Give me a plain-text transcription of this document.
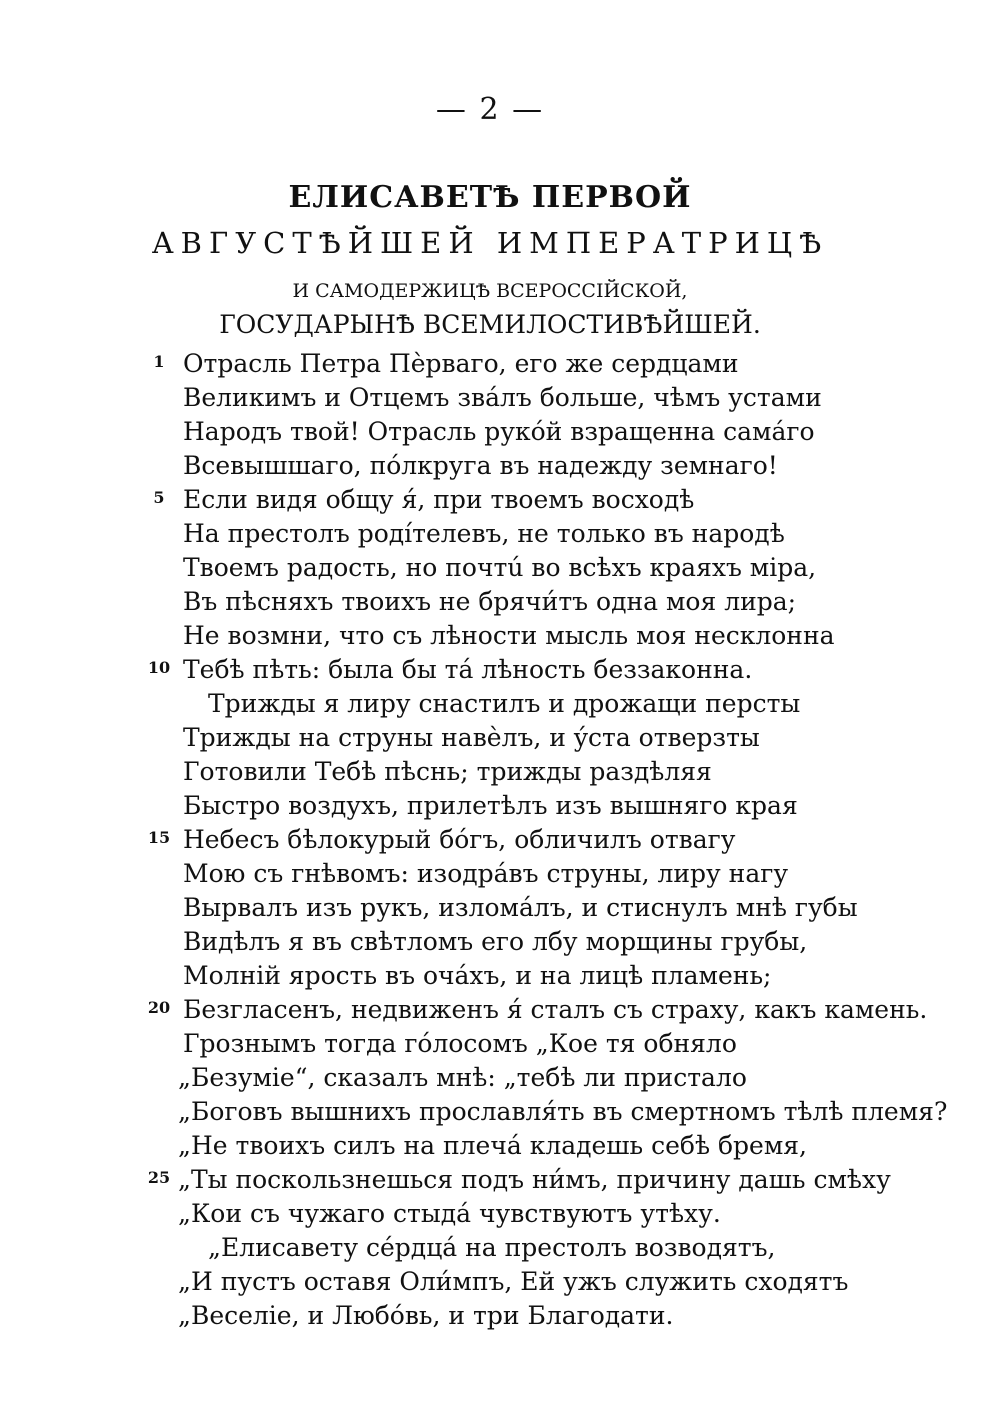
— 2 —
ЕЛИСАВЕТѢ ПЕРВОЙ
АВГУСТѢЙШЕЙ ИМПЕРАТРИЦѢ
И САМОДЕРЖИЦѢ ВСЕРОССІЙСКОЙ,
ГОСУДАРЫНѢ ВСЕМИЛОСТИВѢЙШЕЙ.
1 Отрасль Петра Пѐрваго, его же сердцами
Великимъ и Отцемъ звáлъ больше, чѣмъ устами
Народъ твой! Отрасль рукóй взращенна самáго
Всевышшаго, пóлкруга въ надежду земнаго!
5 Если видя общу я́, при твоемъ восходѣ
На престолъ родíтелевъ, не только въ народѣ
Твоемъ радость, но почтú во всѣхъ краяхъ міра,
Въ пѣсняхъ твоихъ не брячи́тъ одна моя лира;
Не возмни, что съ лѣности мысль моя несклонна
10 Тебѣ пѣть: была бы тá лѣность беззаконна.
Трижды я лиру снастилъ и дрожащи персты
Трижды на струны навѐлъ, и ýста отверзты
Готовили Тебѣ пѣснь; трижды раздѣляя
Быстро воздухъ, прилетѣлъ изъ вышняго края
15 Небесъ бѣлокурый бóгъ, обличилъ отвагу
Мою съ гнѣвомъ: изодрáвъ струны, лиру нагу
Вырвалъ изъ рукъ, изломáлъ, и стиснулъ мнѣ губы
Видѣлъ я въ свѣтломъ его лбу морщины грубы,
Молній ярость въ очáхъ, и на лицѣ пламень;
20 Безгласенъ, недвиженъ я́ сталъ съ страху, какъ камень.
Грознымъ тогда гóлосомъ „Кое тя обняло
„Безуміе“, сказалъ мнѣ: „тебѣ ли пристало
„Боговъ вышнихъ прославля́ть въ смертномъ тѣлѣ племя?
„Не твоихъ силъ на плечá кладешь себѣ бремя,
25 „Ты поскользнешься подъ ни́мъ, причину дашь смѣху
„Кои съ чужаго стыдá чувствуютъ утѣху.
„Елисавету сéрдцá на престолъ возводятъ,
„И пустъ оставя Оли́мпъ, Ей ужъ служить сходятъ
„Веселіе, и Любóвь, и три Благодати.
